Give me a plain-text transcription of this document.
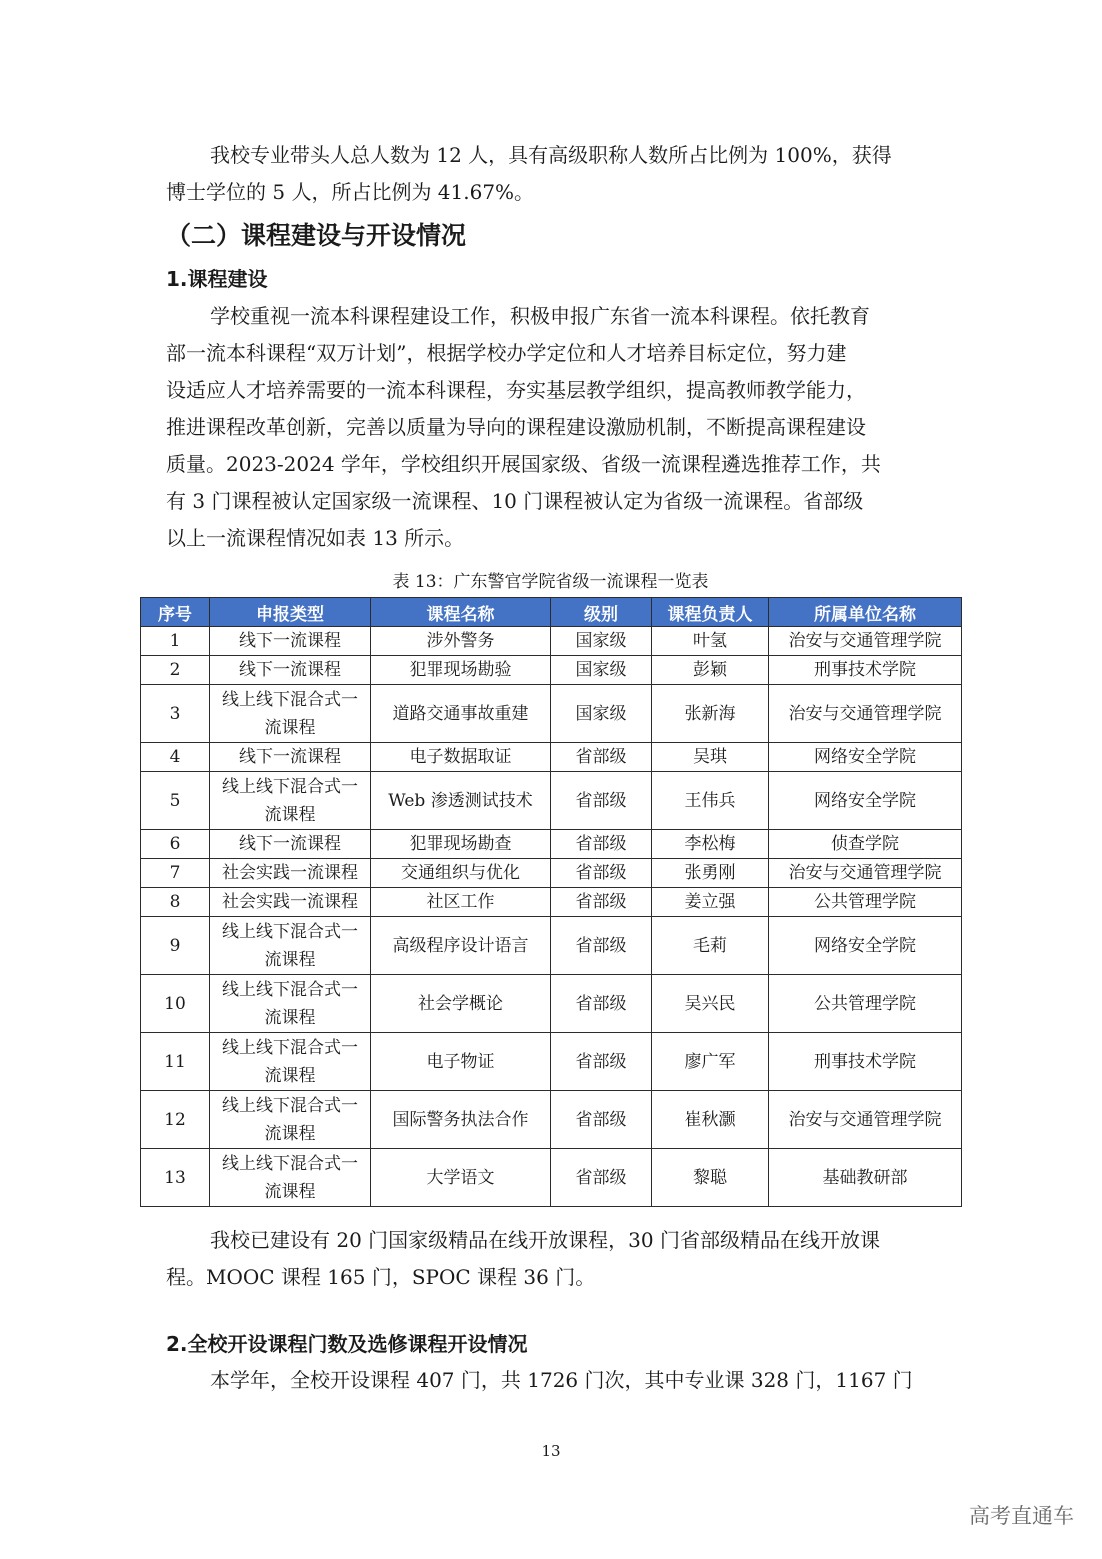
我校专业带头人总人数为 12 人，具有高级职称人数所占比例为 100%，获得
博士学位的 5 人，所占比例为 41.67%。

（二）课程建设与开设情况
1.课程建设

学校重视一流本科课程建设工作，积极申报广东省一流本科课程。依托教育
部一流本科课程“双万计划”，根据学校办学定位和人才培养目标定位，努力建
设适应人才培养需要的一流本科课程，夯实基层教学组织，提高教师教学能力，
推进课程改革创新，完善以质量为导向的课程建设激励机制，不断提高课程建设
质量。2023-2024 学年，学校组织开展国家级、省级一流课程遴选推荐工作，共
有 3 门课程被认定国家级一流课程、10 门课程被认定为省级一流课程。省部级
以上一流课程情况如表 13 所示。

表 13：广东警官学院省级一流课程一览表

序号	申报类型	课程名称	级别	课程负责人	所属单位名称
1	线下一流课程	涉外警务	国家级	叶氢	治安与交通管理学院
2	线下一流课程	犯罪现场勘验	国家级	彭颖	刑事技术学院
3	线上线下混合式一
流课程	道路交通事故重建	国家级	张新海	治安与交通管理学院
4	线下一流课程	电子数据取证	省部级	吴琪	网络安全学院
5	线上线下混合式一
流课程	Web 渗透测试技术	省部级	王伟兵	网络安全学院
6	线下一流课程	犯罪现场勘查	省部级	李松梅	侦查学院
7	社会实践一流课程	交通组织与优化	省部级	张勇刚	治安与交通管理学院
8	社会实践一流课程	社区工作	省部级	姜立强	公共管理学院
9	线上线下混合式一
流课程	高级程序设计语言	省部级	毛莉	网络安全学院
10	线上线下混合式一
流课程	社会学概论	省部级	吴兴民	公共管理学院
11	线上线下混合式一
流课程	电子物证	省部级	廖广军	刑事技术学院
12	线上线下混合式一
流课程	国际警务执法合作	省部级	崔秋灏	治安与交通管理学院
13	线上线下混合式一
流课程	大学语文	省部级	黎聪	基础教研部

我校已建设有 20 门国家级精品在线开放课程，30 门省部级精品在线开放课
程。MOOC 课程 165 门，SPOC 课程 36 门。

2.全校开设课程门数及选修课程开设情况

本学年，全校开设课程 407 门，共 1726 门次，其中专业课 328 门，1167 门

13

高考直通车
